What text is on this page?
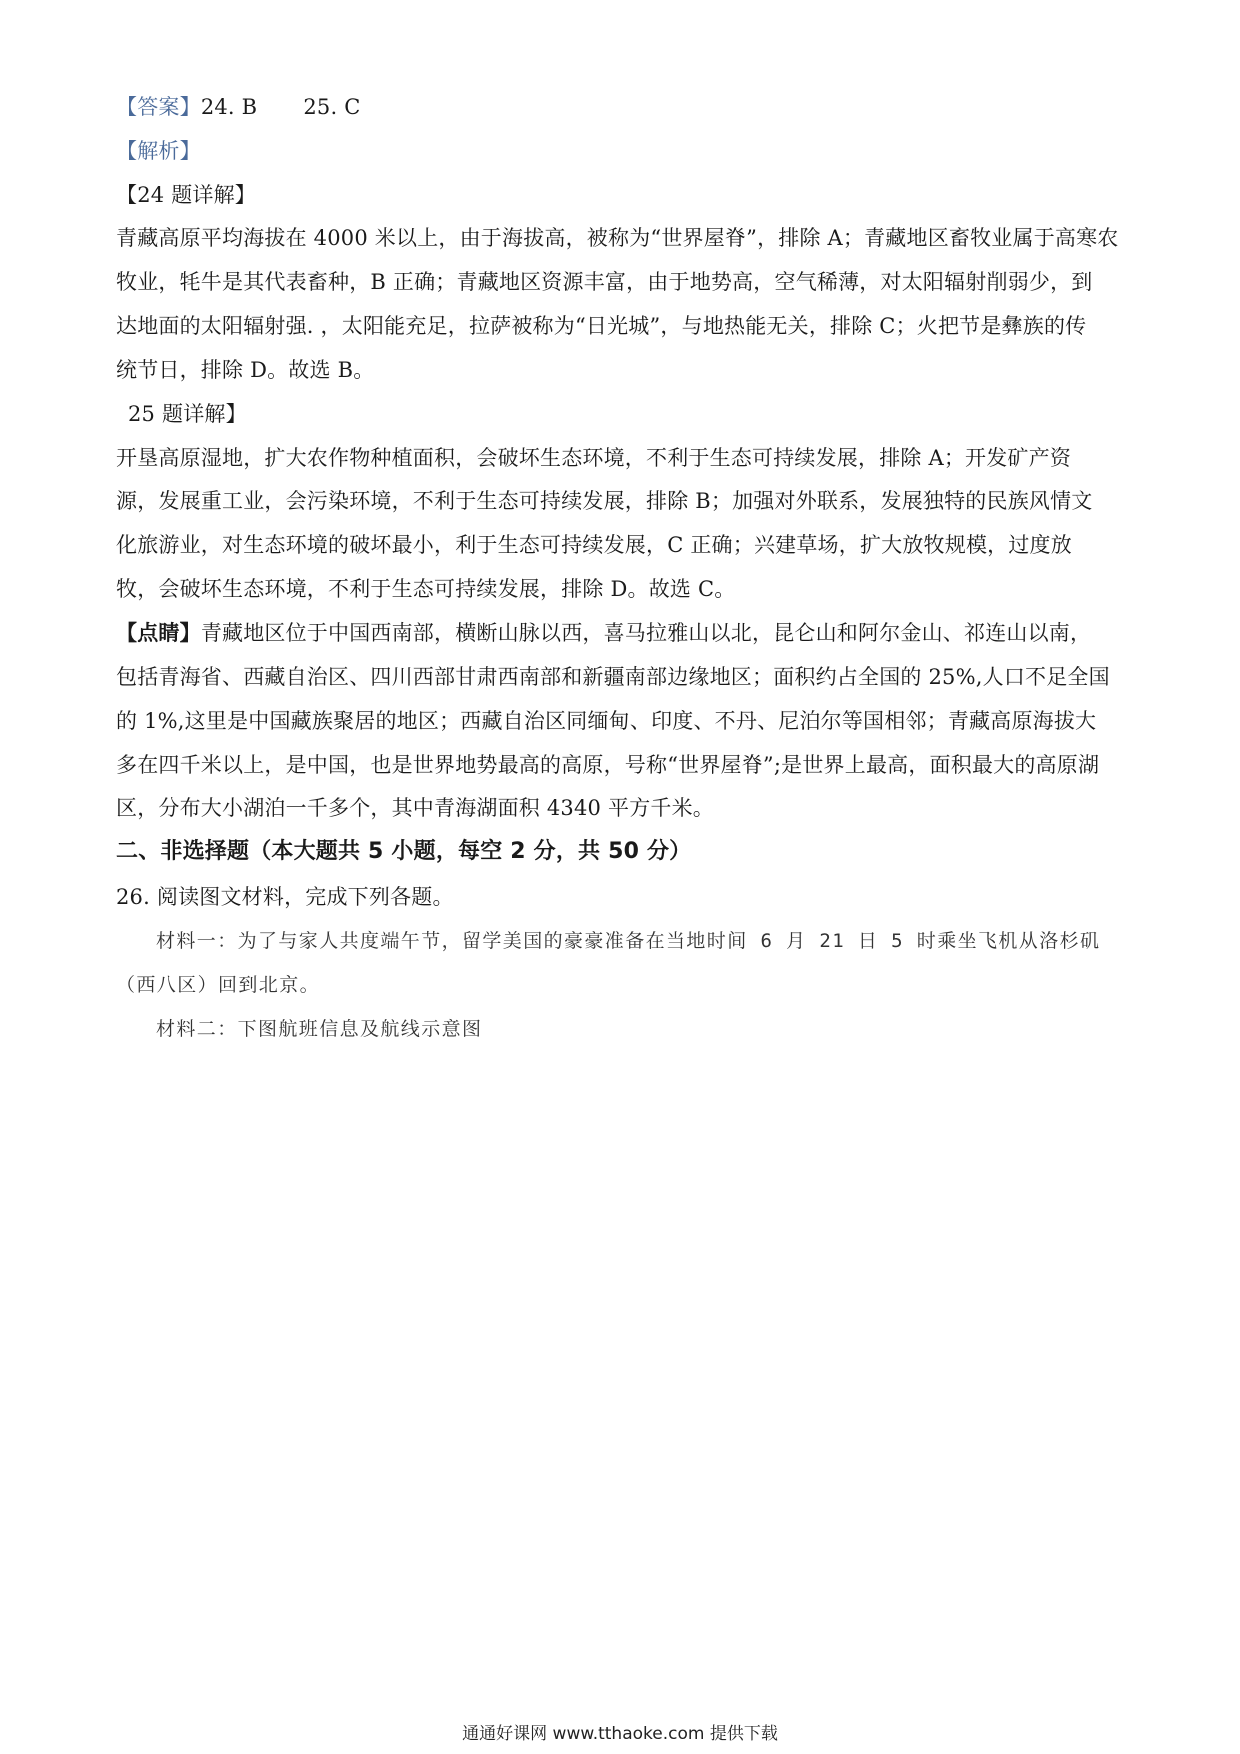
【答案】24. B 25. C
【解析】
【24 题详解】
青藏高原平均海拔在 4000 米以上，由于海拔高，被称为“世界屋脊”，排除 A；青藏地区畜牧业属于高寒农
牧业，牦牛是其代表畜种，B 正确；青藏地区资源丰富，由于地势高，空气稀薄，对太阳辐射削弱少，到
达地面的太阳辐射强. ，太阳能充足，拉萨被称为“日光城”，与地热能无关，排除 C；火把节是彝族的传
统节日，排除 D。故选 B。
25 题详解】
开垦高原湿地，扩大农作物种植面积，会破坏生态环境，不利于生态可持续发展，排除 A；开发矿产资
源，发展重工业，会污染环境，不利于生态可持续发展，排除 B；加强对外联系，发展独特的民族风情文
化旅游业，对生态环境的破坏最小，利于生态可持续发展，C 正确；兴建草场，扩大放牧规模，过度放
牧，会破坏生态环境，不利于生态可持续发展，排除 D。故选 C。
【点睛】青藏地区位于中国西南部，横断山脉以西，喜马拉雅山以北，昆仑山和阿尔金山、祁连山以南，
包括青海省、西藏自治区、四川西部甘肃西南部和新疆南部边缘地区；面积约占全国的 25%,人口不足全国
的 1%,这里是中国藏族聚居的地区；西藏自治区同缅甸、印度、不丹、尼泊尔等国相邻；青藏高原海拔大
多在四千米以上，是中国，也是世界地势最高的高原，号称“世界屋脊”;是世界上最高，面积最大的高原湖
区，分布大小湖泊一千多个，其中青海湖面积 4340 平方千米。
二、非选择题（本大题共 5 小题，每空 2 分，共 50 分）
26. 阅读图文材料，完成下列各题。
材料一：为了与家人共度端午节，留学美国的豪豪准备在当地时间 6 月 21 日 5 时乘坐飞机从洛杉矶
（西八区）回到北京。
材料二：下图航班信息及航线示意图
通通好课网 www.tthaoke.com 提供下载
